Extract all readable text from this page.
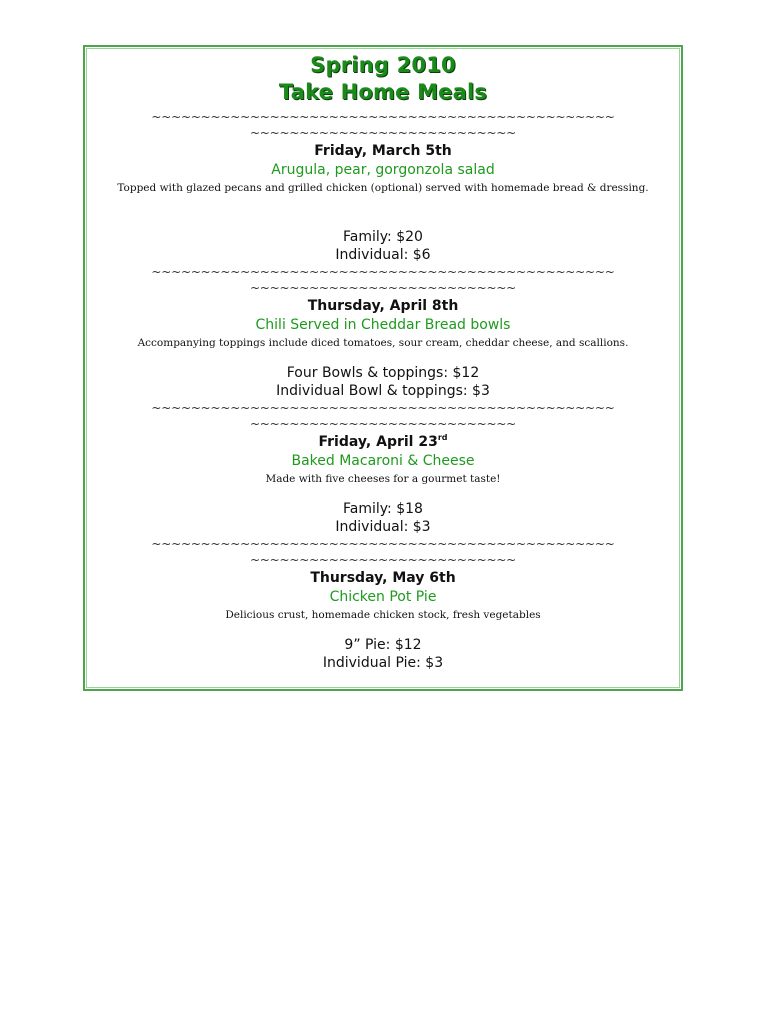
Spring 2010
Take Home Meals
~~~~~~~~~~~~~~~~~~~~~~~~~~~~~~~~~~~~~~~~~~~~~~~
~~~~~~~~~~~~~~~~~~~~~~~~~~~
Friday, March 5th
Arugula, pear, gorgonzola salad
Topped with glazed pecans and grilled chicken (optional) served with homemade bread & dressing.
Family: $20
Individual: $6
~~~~~~~~~~~~~~~~~~~~~~~~~~~~~~~~~~~~~~~~~~~~~~~
~~~~~~~~~~~~~~~~~~~~~~~~~~~
Thursday, April 8th
Chili Served in Cheddar Bread bowls
Accompanying toppings include diced tomatoes, sour cream, cheddar cheese, and scallions.
Four Bowls & toppings: $12
Individual Bowl & toppings: $3
~~~~~~~~~~~~~~~~~~~~~~~~~~~~~~~~~~~~~~~~~~~~~~~
~~~~~~~~~~~~~~~~~~~~~~~~~~~
Friday, April 23rd
Baked Macaroni & Cheese
Made with five cheeses for a gourmet taste!
Family: $18
Individual: $3
~~~~~~~~~~~~~~~~~~~~~~~~~~~~~~~~~~~~~~~~~~~~~~~
~~~~~~~~~~~~~~~~~~~~~~~~~~~
Thursday, May 6th
Chicken Pot Pie
Delicious crust, homemade chicken stock, fresh vegetables
9” Pie: $12
Individual Pie: $3
